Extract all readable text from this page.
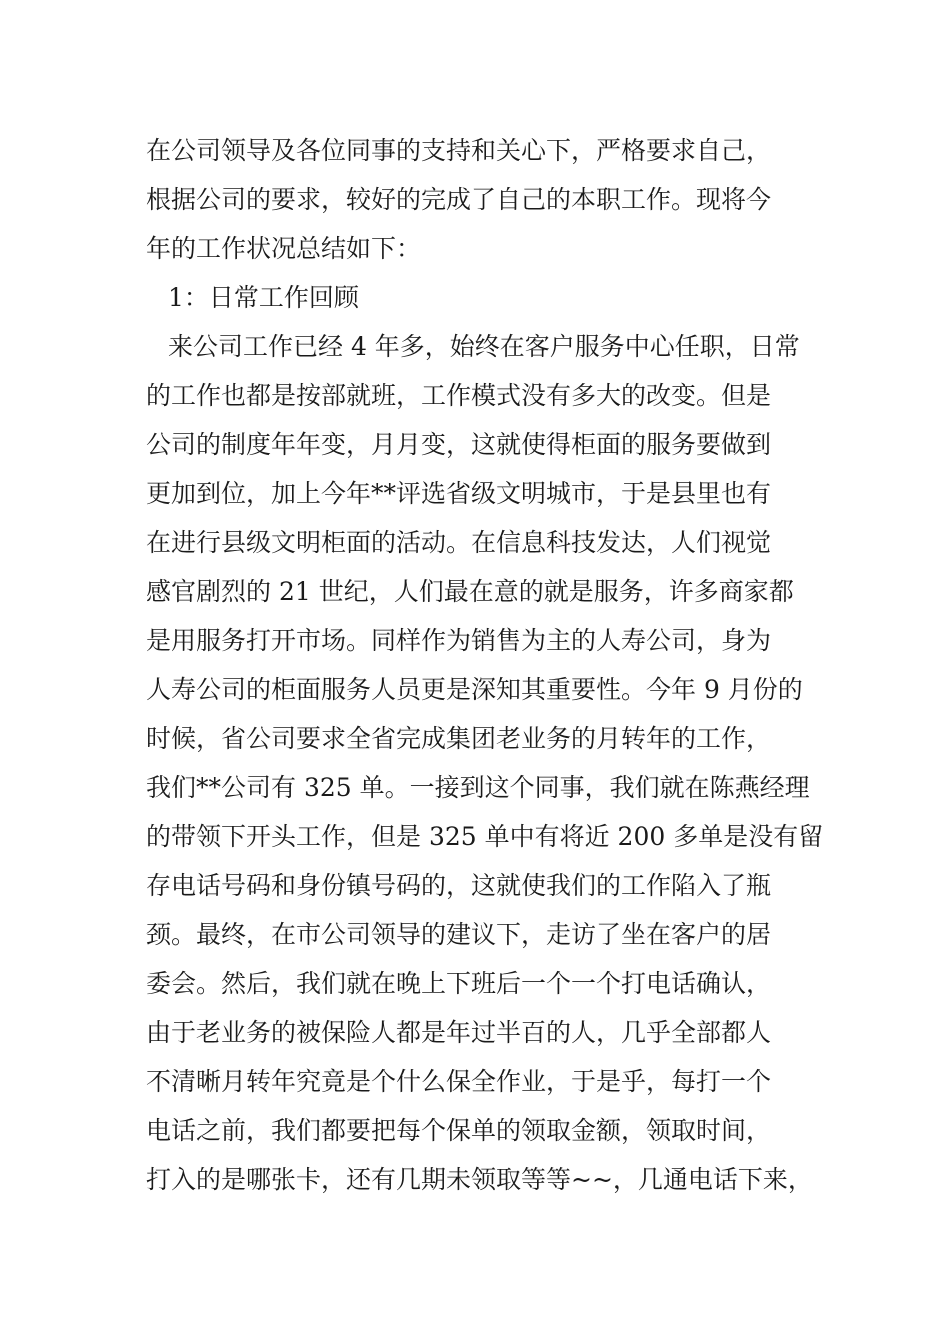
在公司领导及各位同事的支持和关心下，严格要求自己，
根据公司的要求，较好的完成了自己的本职工作。现将今
年的工作状况总结如下：
1：日常工作回顾
来公司工作已经 4 年多，始终在客户服务中心任职，日常
的工作也都是按部就班，工作模式没有多大的改变。但是
公司的制度年年变，月月变，这就使得柜面的服务要做到
更加到位，加上今年**评选省级文明城市，于是县里也有
在进行县级文明柜面的活动。在信息科技发达，人们视觉
感官剧烈的 21 世纪，人们最在意的就是服务，许多商家都
是用服务打开市场。同样作为销售为主的人寿公司，身为
人寿公司的柜面服务人员更是深知其重要性。今年 9 月份的
时候，省公司要求全省完成集团老业务的月转年的工作，
我们**公司有 325 单。一接到这个同事，我们就在陈燕经理
的带领下开头工作，但是 325 单中有将近 200 多单是没有留
存电话号码和身份镇号码的，这就使我们的工作陷入了瓶
颈。最终，在市公司领导的建议下，走访了坐在客户的居
委会。然后，我们就在晚上下班后一个一个打电话确认，
由于老业务的被保险人都是年过半百的人，几乎全部都人
不清晰月转年究竟是个什么保全作业，于是乎，每打一个
电话之前，我们都要把每个保单的领取金额，领取时间，
打入的是哪张卡，还有几期未领取等等~~，几通电话下来，
